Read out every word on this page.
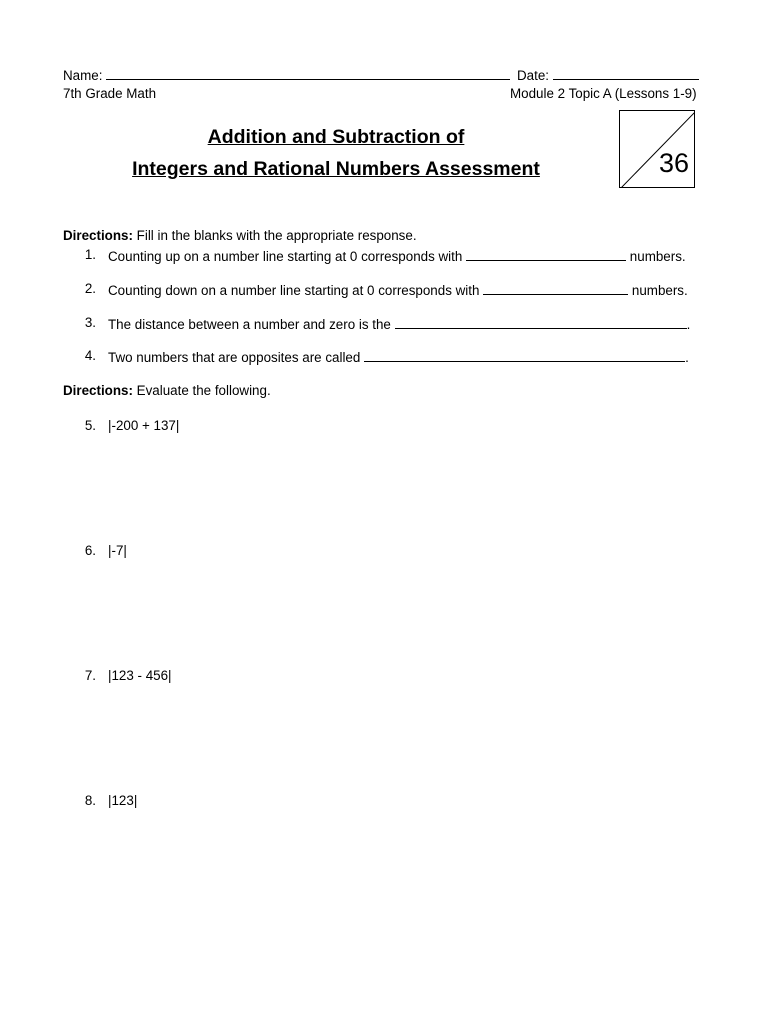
Name:	Date:
7th Grade Math	Module 2 Topic A (Lessons 1-9)
Addition and Subtraction of
Integers and Rational Numbers Assessment	36
Directions: Fill in the blanks with the appropriate response.
1. Counting up on a number line starting at 0 corresponds with	numbers.
2. Counting down on a number line starting at 0 corresponds with	numbers.
3. The distance between a number and zero is the	.
4. Two numbers that are opposites are called	.
Directions: Evaluate the following.
5. |-200 + 137|
6. |-7|
7. |123 - 456|
8. |123|
